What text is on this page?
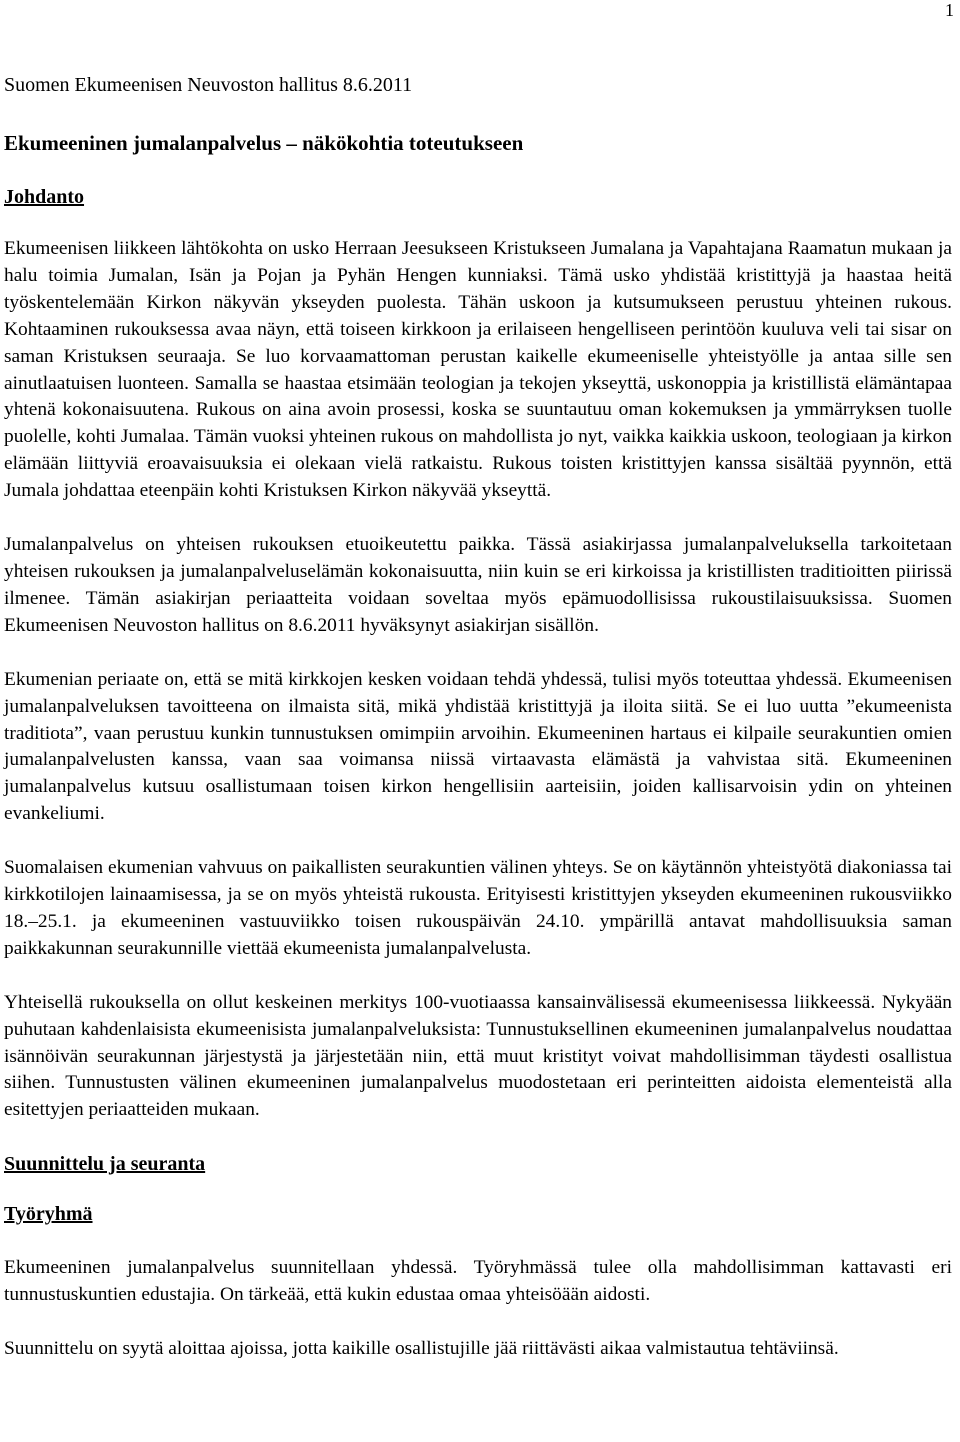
1

Suomen Ekumeenisen Neuvoston hallitus 8.6.2011

Ekumeeninen jumalanpalvelus – näkökohtia toteutukseen
Johdanto

Ekumeenisen liikkeen lähtökohta on usko Herraan Jeesukseen Kristukseen Jumalana ja Vapahtajana Raamatun mukaan ja halu toimia Jumalan, Isän ja Pojan ja Pyhän Hengen kunniaksi. Tämä usko yhdistää kristittyjä ja haastaa heitä työskentelemään Kirkon näkyvän ykseyden puolesta. Tähän uskoon ja kutsumukseen perustuu yhteinen rukous. Kohtaaminen rukouksessa avaa näyn, että toiseen kirkkoon ja erilaiseen hengelliseen perintöön kuuluva veli tai sisar on saman Kristuksen seuraaja. Se luo korvaamattoman perustan kaikelle ekumeeniselle yhteistyölle ja antaa sille sen ainutlaatuisen luonteen. Samalla se haastaa etsimään teologian ja tekojen ykseyttä, uskonoppia ja kristillistä elämäntapaa yhtenä kokonaisuutena. Rukous on aina avoin prosessi, koska se suuntautuu oman kokemuksen ja ymmärryksen tuolle puolelle, kohti Jumalaa. Tämän vuoksi yhteinen rukous on mahdollista jo nyt, vaikka kaikkia uskoon, teologiaan ja kirkon elämään liittyviä eroavaisuuksia ei olekaan vielä ratkaistu. Rukous toisten kristittyjen kanssa sisältää pyynnön, että Jumala johdattaa eteenpäin kohti Kristuksen Kirkon näkyvää ykseyttä.

Jumalanpalvelus on yhteisen rukouksen etuoikeutettu paikka. Tässä asiakirjassa jumalanpalveluksella tarkoitetaan yhteisen rukouksen ja jumalanpalveluselämän kokonaisuutta, niin kuin se eri kirkoissa ja kristillisten traditioitten piirissä ilmenee. Tämän asiakirjan periaatteita voidaan soveltaa myös epämuodollisissa rukoustilaisuuksissa. Suomen Ekumeenisen Neuvoston hallitus on 8.6.2011 hyväksynyt asiakirjan sisällön.

Ekumenian periaate on, että se mitä kirkkojen kesken voidaan tehdä yhdessä, tulisi myös toteuttaa yhdessä. Ekumeenisen jumalanpalveluksen tavoitteena on ilmaista sitä, mikä yhdistää kristittyjä ja iloita siitä. Se ei luo uutta ”ekumeenista traditiota”, vaan perustuu kunkin tunnustuksen omimpiin arvoihin. Ekumeeninen hartaus ei kilpaile seurakuntien omien jumalanpalvelusten kanssa, vaan saa voimansa niissä virtaavasta elämästä ja vahvistaa sitä. Ekumeeninen jumalanpalvelus kutsuu osallistumaan toisen kirkon hengellisiin aarteisiin, joiden kallisarvoisin ydin on yhteinen evankeliumi.

Suomalaisen ekumenian vahvuus on paikallisten seurakuntien välinen yhteys. Se on käytännön yhteistyötä diakoniassa tai kirkkotilojen lainaamisessa, ja se on myös yhteistä rukousta. Erityisesti kristittyjen ykseyden ekumeeninen rukousviikko 18.–25.1. ja ekumeeninen vastuuviikko toisen rukouspäivän 24.10. ympärillä antavat mahdollisuuksia saman paikkakunnan seurakunnille viettää ekumeenista jumalanpalvelusta.

Yhteisellä rukouksella on ollut keskeinen merkitys 100-vuotiaassa kansainvälisessä ekumeenisessa liikkeessä. Nykyään puhutaan kahdenlaisista ekumeenisista jumalanpalveluksista: Tunnustuksellinen ekumeeninen jumalanpalvelus noudattaa isännöivän seurakunnan järjestystä ja järjestetään niin, että muut kristityt voivat mahdollisimman täydesti osallistua siihen. Tunnustusten välinen ekumeeninen jumalanpalvelus muodostetaan eri perinteitten aidoista elementeistä alla esitettyjen periaatteiden mukaan.

Suunnittelu ja seuranta
Työryhmä

Ekumeeninen jumalanpalvelus suunnitellaan yhdessä. Työryhmässä tulee olla mahdollisimman kattavasti eri tunnustuskuntien edustajia. On tärkeää, että kukin edustaa omaa yhteisöään aidosti.

Suunnittelu on syytä aloittaa ajoissa, jotta kaikille osallistujille jää riittävästi aikaa valmistautua tehtäviinsä.
